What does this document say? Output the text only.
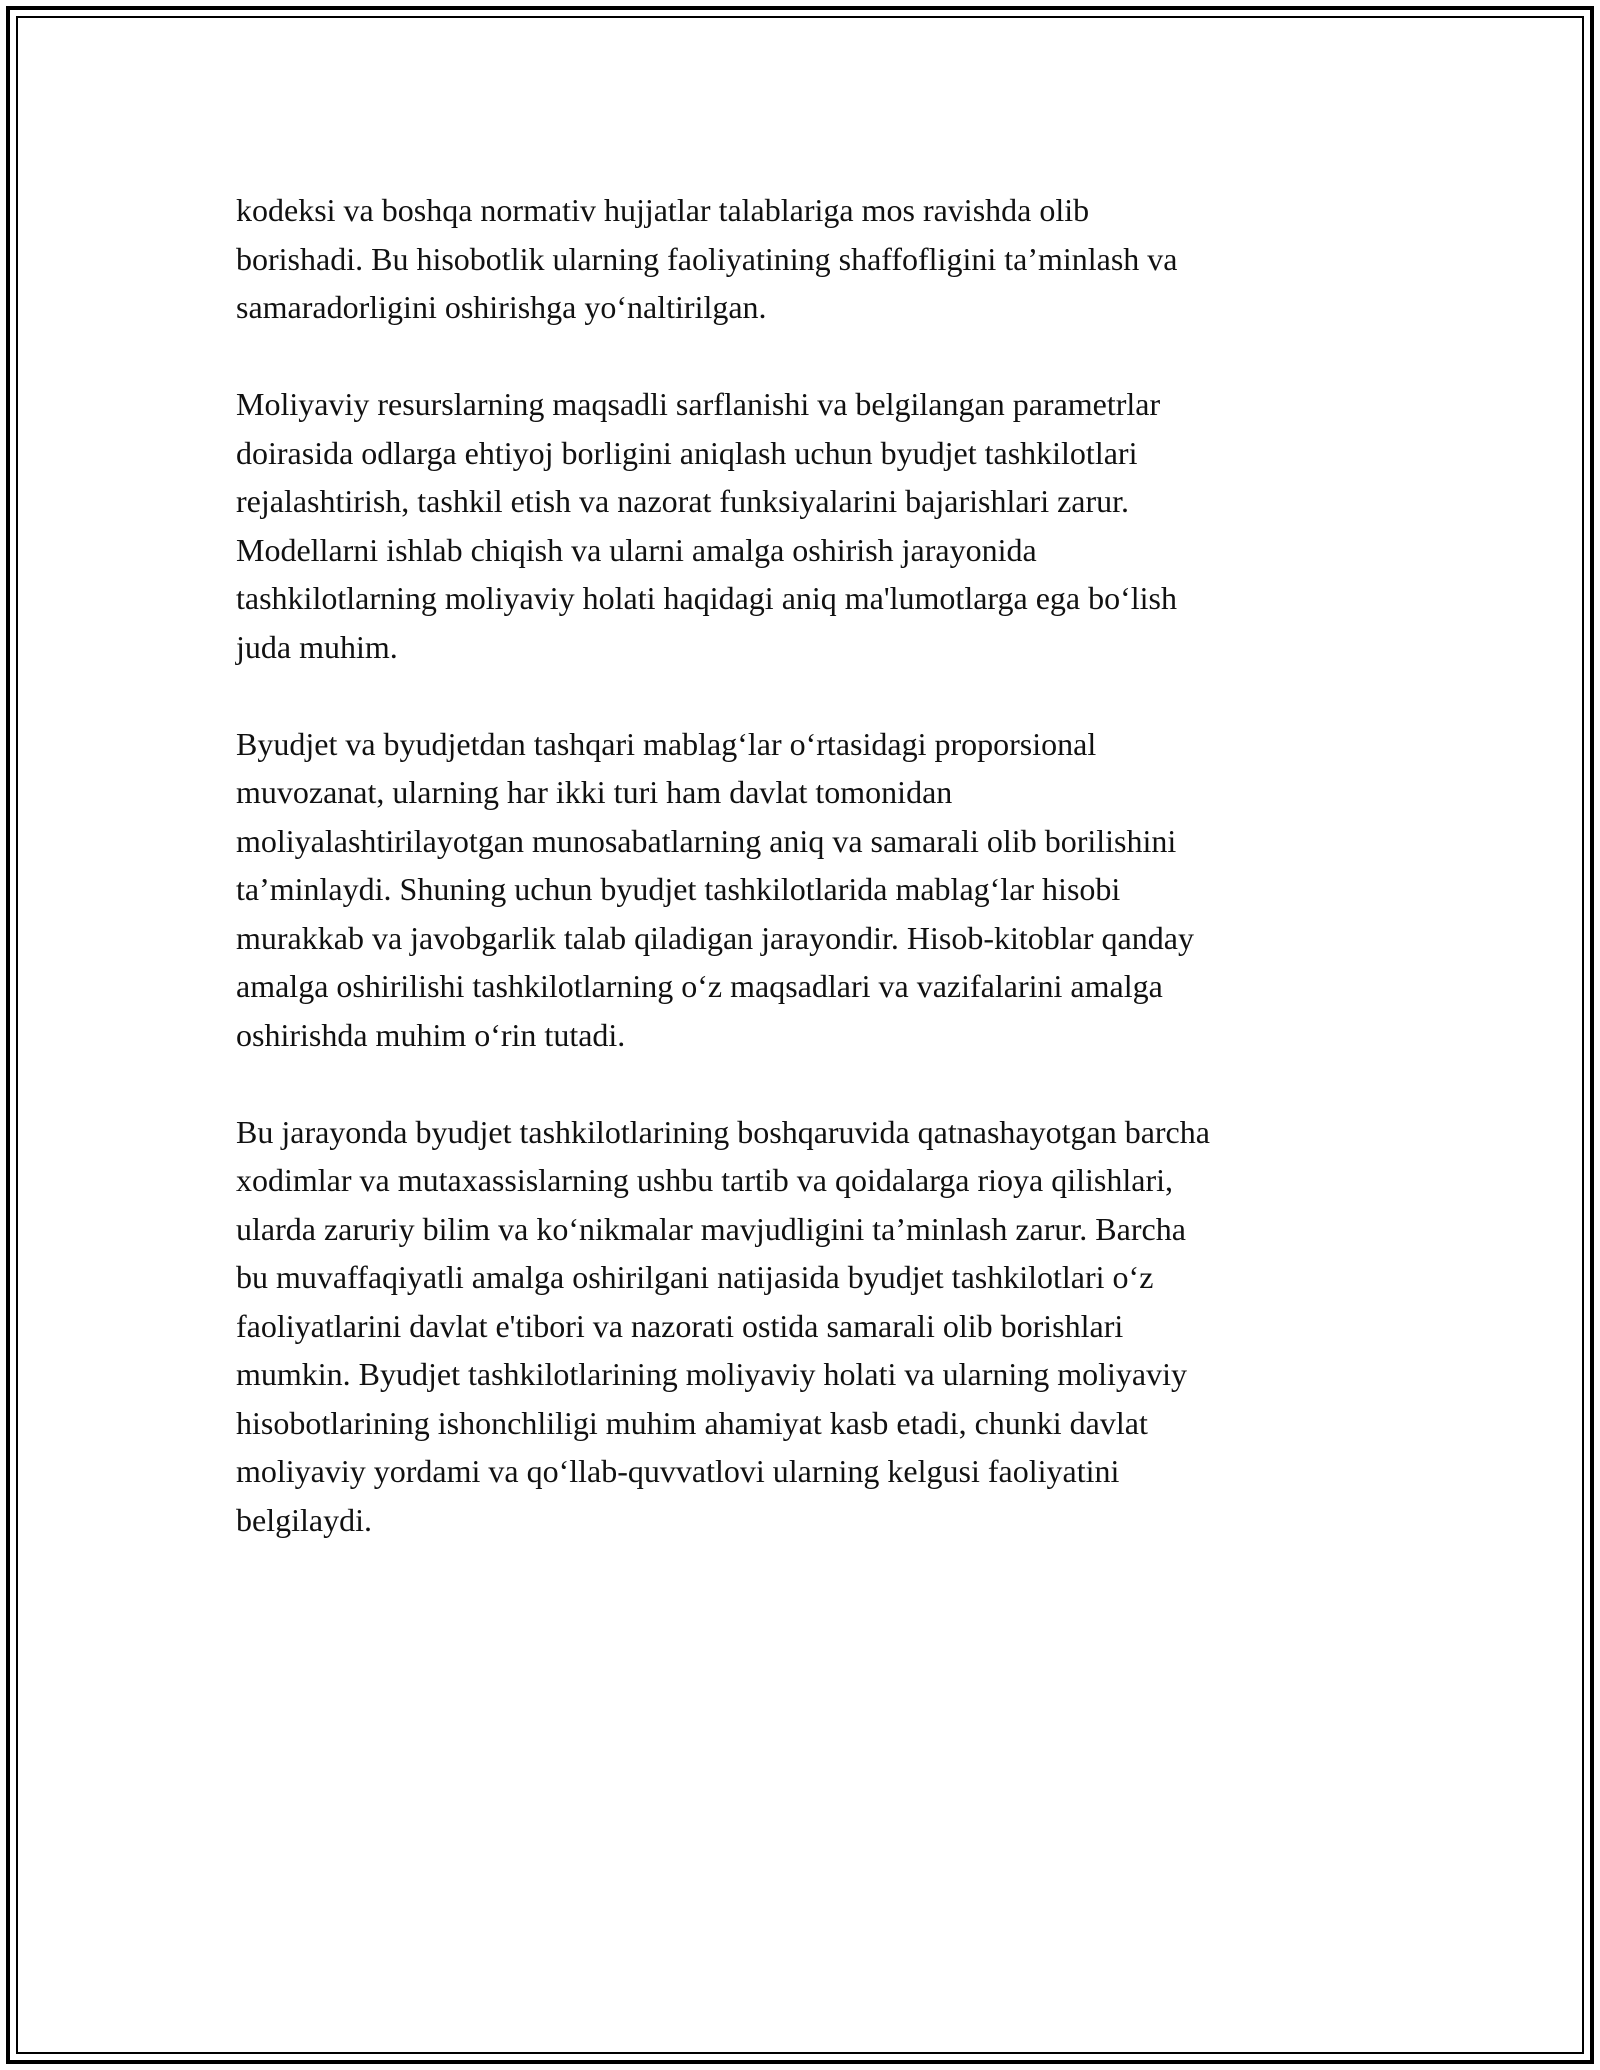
kodeksi va boshqa normativ hujjatlar talablariga mos ravishda olib
borishadi. Bu hisobotlik ularning faoliyatining shaffofligini ta’minlash va
samaradorligini oshirishga yo‘naltirilgan.

Moliyaviy resurslarning maqsadli sarflanishi va belgilangan parametrlar
doirasida odlarga ehtiyoj borligini aniqlash uchun byudjet tashkilotlari
rejalashtirish, tashkil etish va nazorat funksiyalarini bajarishlari zarur.
Modellarni ishlab chiqish va ularni amalga oshirish jarayonida
tashkilotlarning moliyaviy holati haqidagi aniq ma'lumotlarga ega bo‘lish
juda muhim.

Byudjet va byudjetdan tashqari mablag‘lar o‘rtasidagi proporsional
muvozanat, ularning har ikki turi ham davlat tomonidan
moliyalashtirilayotgan munosabatlarning aniq va samarali olib borilishini
ta’minlaydi. Shuning uchun byudjet tashkilotlarida mablag‘lar hisobi
murakkab va javobgarlik talab qiladigan jarayondir. Hisob-kitoblar qanday
amalga oshirilishi tashkilotlarning o‘z maqsadlari va vazifalarini amalga
oshirishda muhim o‘rin tutadi.

Bu jarayonda byudjet tashkilotlarining boshqaruvida qatnashayotgan barcha
xodimlar va mutaxassislarning ushbu tartib va qoidalarga rioya qilishlari,
ularda zaruriy bilim va ko‘nikmalar mavjudligini ta’minlash zarur. Barcha
bu muvaffaqiyatli amalga oshirilgani natijasida byudjet tashkilotlari o‘z
faoliyatlarini davlat e'tibori va nazorati ostida samarali olib borishlari
mumkin. Byudjet tashkilotlarining moliyaviy holati va ularning moliyaviy
hisobotlarining ishonchliligi muhim ahamiyat kasb etadi, chunki davlat
moliyaviy yordami va qo‘llab-quvvatlovi ularning kelgusi faoliyatini
belgilaydi.
